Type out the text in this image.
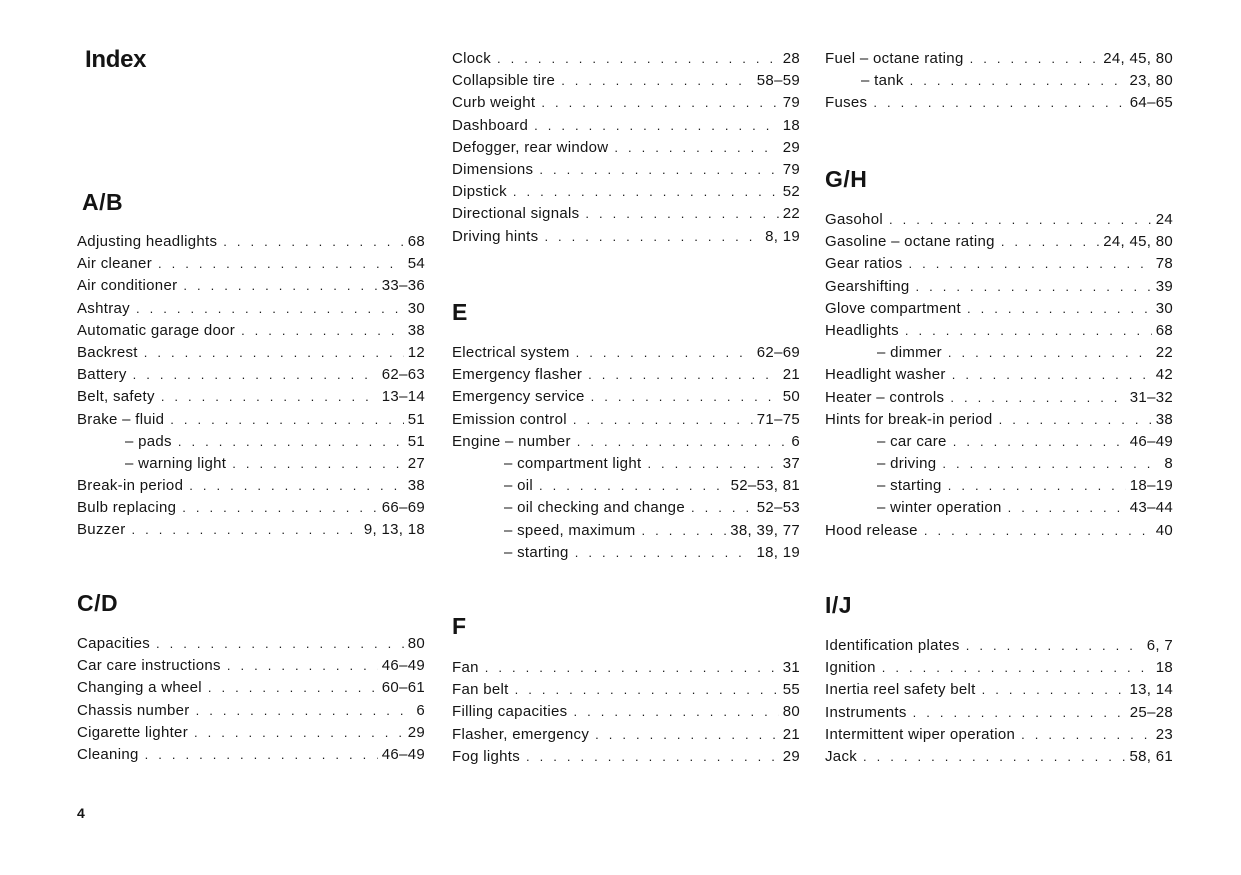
Index
A/B
Adjusting headlights . . .	68
Air cleaner . . .	54
Air conditioner . . .	33–36
Ashtray . . .	30
Automatic garage door . . .	38
Backrest . . .	12
Battery . . .	62–63
Belt, safety . . .	13–14
Brake – fluid . . .	51
– pads . . .	51
– warning light . . .	27
Break-in period . . .	38
Bulb replacing . . .	66–69
Buzzer . . .	9, 13, 18
C/D
Capacities . . .	80
Car care instructions . . .	46–49
Changing a wheel . . .	60–61
Chassis number . . .	6
Cigarette lighter . . .	29
Cleaning . . .	46–49
Clock . . .	28
Collapsible tire . . .	58–59
Curb weight . . .	79
Dashboard . . .	18
Defogger, rear window . . .	29
Dimensions . . .	79
Dipstick . . .	52
Directional signals . . .	22
Driving hints . . .	8, 19
E
Electrical system . . .	62–69
Emergency flasher . . .	21
Emergency service . . .	50
Emission control . . .	71–75
Engine – number . . .	6
– compartment light . . .	37
– oil . . .	52–53, 81
– oil checking and change . . .	52–53
– speed, maximum . . .	38, 39, 77
– starting . . .	18, 19
F
Fan . . .	31
Fan belt . . .	55
Filling capacities . . .	80
Flasher, emergency . . .	21
Fog lights . . .	29
Fuel – octane rating . . .	24, 45, 80
– tank . . .	23, 80
Fuses . . .	64–65
G/H
Gasohol . . .	24
Gasoline – octane rating . . .	24, 45, 80
Gear ratios . . .	78
Gearshifting . . .	39
Glove compartment . . .	30
Headlights . . .	68
– dimmer . . .	22
Headlight washer . . .	42
Heater – controls . . .	31–32
Hints for break-in period . . .	38
– car care . . .	46–49
– driving . . .	8
– starting . . .	18–19
– winter operation . . .	43–44
Hood release . . .	40
I/J
Identification plates . . .	6, 7
Ignition . . .	18
Inertia reel safety belt . . .	13, 14
Instruments . . .	25–28
Intermittent wiper operation . . .	23
Jack . . .	58, 61
4
